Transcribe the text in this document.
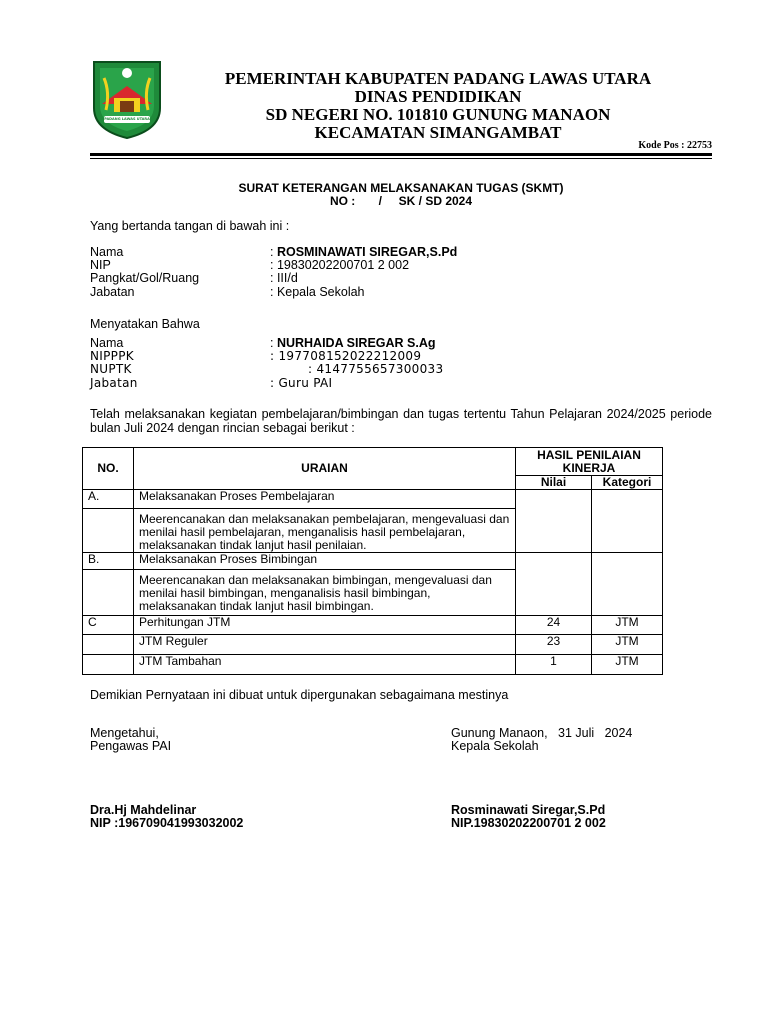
PADANG LAWAS UTARA
PEMERINTAH KABUPATEN PADANG LAWAS UTARA
DINAS PENDIDIKAN
SD NEGERI NO. 101810 GUNUNG MANAON
KECAMATAN SIMANGAMBAT
Kode Pos : 22753
SURAT KETERANGAN MELAKSANAKAN TUGAS (SKMT)
NO :       /     SK / SD 2024
Yang bertanda tangan di bawah ini :
Nama	: ROSMINAWATI SIREGAR,S.Pd
NIP	: 19830202200701 2 002
Pangkat/Gol/Ruang	: III/d
Jabatan	: Kepala Sekolah
Menyatakan Bahwa
Nama	: NURHAIDA SIREGAR S.Ag
NIPPPK	: 197708152022212009
NUPTK	: 4147755657300033
Jabatan	: Guru PAI
Telah melaksanakan kegiatan pembelajaran/bimbingan dan tugas tertentu Tahun Pelajaran 2024/2025 periode bulan Juli 2024 dengan rincian sebagai berikut :
NO.	URAIAN	HASIL PENILAIAN KINERJA	
		Nilai	Kategori
A.	Melaksanakan Proses Pembelajaran		
	Meerencanakan dan melaksanakan pembelajaran, mengevaluasi dan menilai hasil pembelajaran, menganalisis hasil pembelajaran, melaksanakan tindak lanjut hasil penilaian.		
B.	Melaksanakan Proses Bimbingan		
	Meerencanakan dan melaksanakan bimbingan, mengevaluasi dan menilai hasil bimbingan, menganalisis hasil bimbingan, melaksanakan tindak lanjut hasil bimbingan.		
C	Perhitungan JTM	24	JTM
	JTM Reguler	23	JTM
	JTM Tambahan	1	JTM
Demikian Pernyataan ini dibuat untuk dipergunakan sebagaimana mestinya
Mengetahui,
Pengawas PAI
Dra.Hj Mahdelinar
NIP :196709041993032002
Gunung Manaon,   31 Juli   2024
Kepala Sekolah
Rosminawati Siregar,S.Pd
NIP.19830202200701 2 002
